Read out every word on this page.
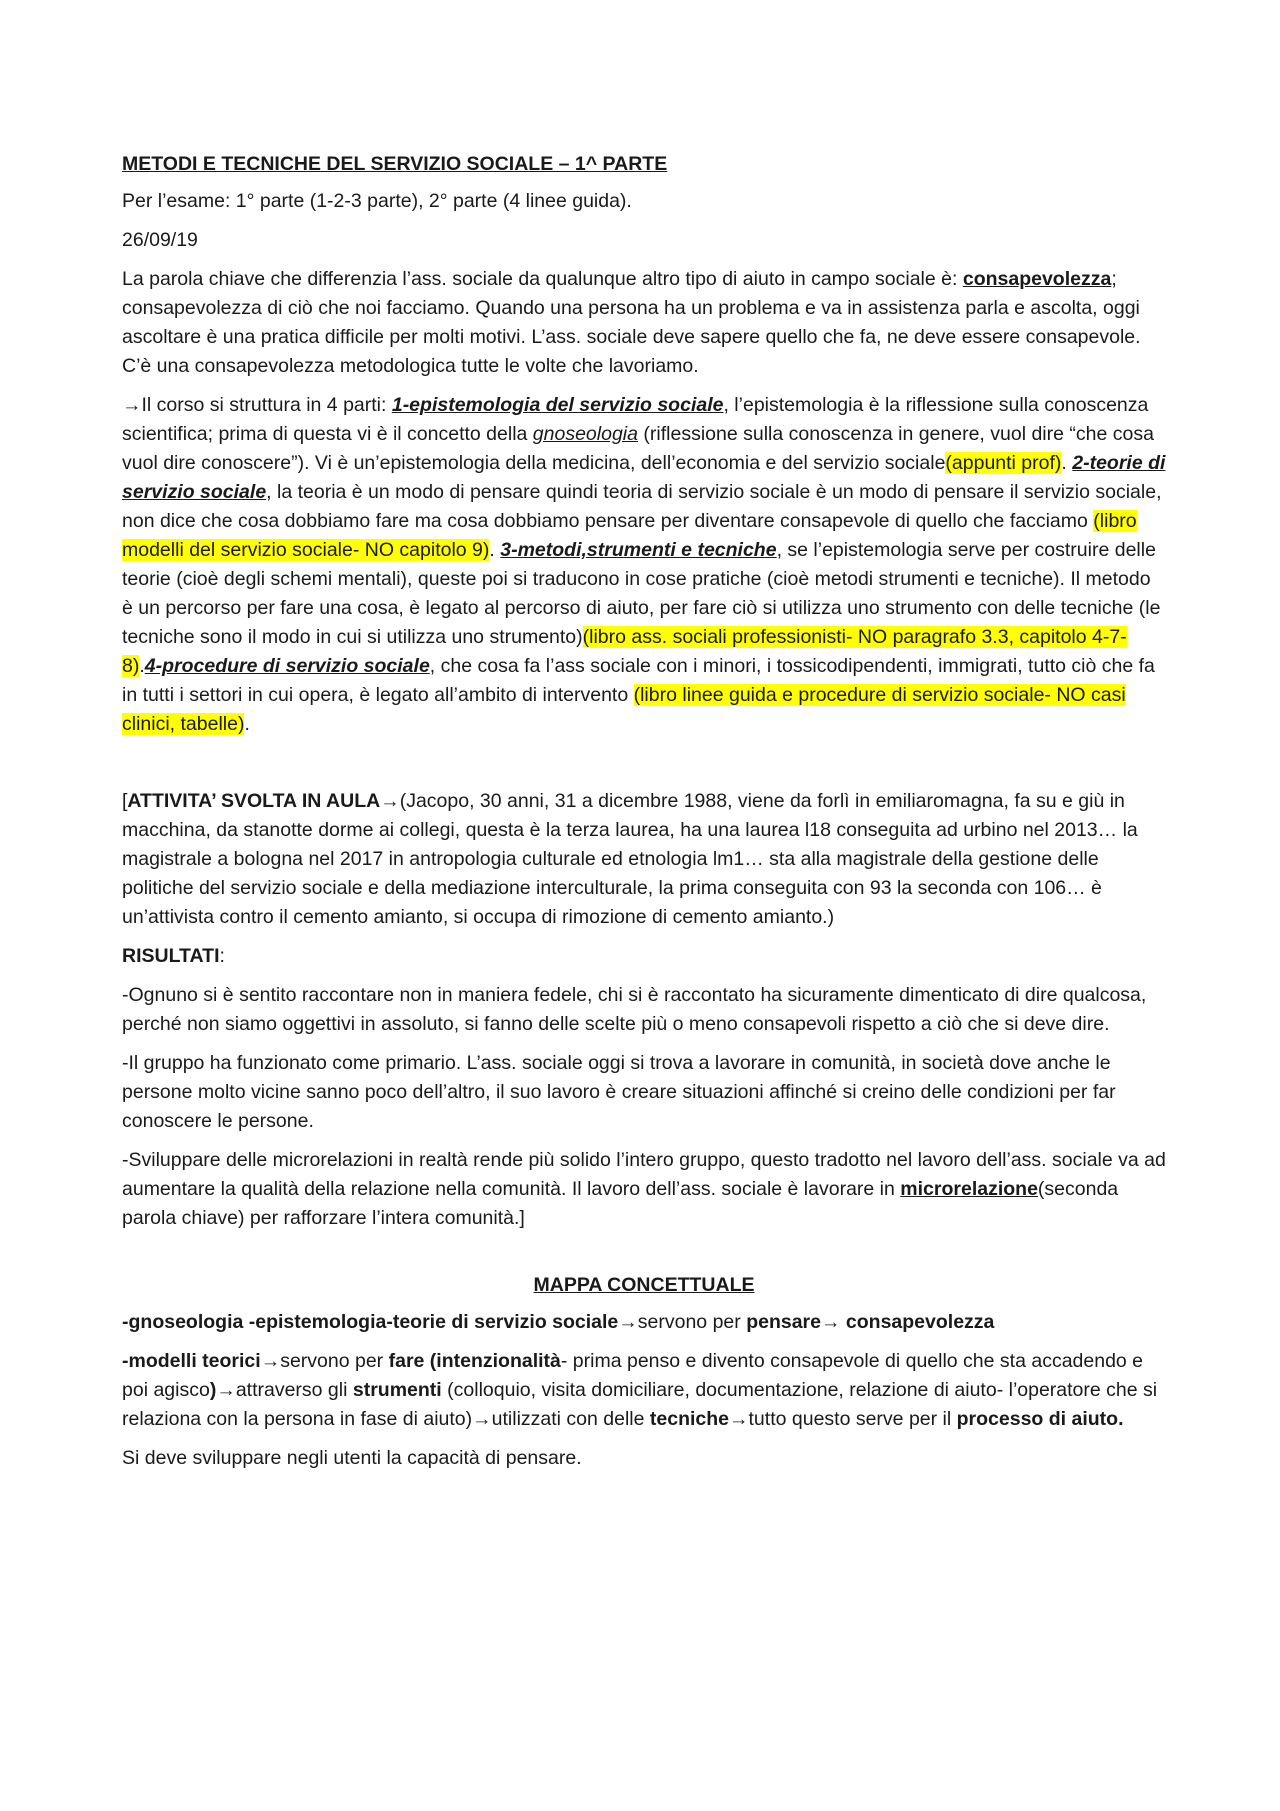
METODI E TECNICHE DEL SERVIZIO SOCIALE – 1^ PARTE

Per l’esame: 1° parte (1-2-3 parte), 2° parte (4 linee guida).

26/09/19

La parola chiave che differenzia l’ass. sociale da qualunque altro tipo di aiuto in campo sociale è: consapevolezza; consapevolezza di ciò che noi facciamo. Quando una persona ha un problema e va in assistenza parla e ascolta, oggi ascoltare è una pratica difficile per molti motivi. L’ass. sociale deve sapere quello che fa, ne deve essere consapevole. C’è una consapevolezza metodologica tutte le volte che lavoriamo.

→Il corso si struttura in 4 parti: 1-epistemologia del servizio sociale, l’epistemologia è la riflessione sulla conoscenza scientifica; prima di questa vi è il concetto della gnoseologia (riflessione sulla conoscenza in genere, vuol dire “che cosa vuol dire conoscere”). Vi è un’epistemologia della medicina, dell’economia e del servizio sociale(appunti prof). 2-teorie di servizio sociale, la teoria è un modo di pensare quindi teoria di servizio sociale è un modo di pensare il servizio sociale, non dice che cosa dobbiamo fare ma cosa dobbiamo pensare per diventare consapevole di quello che facciamo (libro modelli del servizio sociale- NO capitolo 9). 3-metodi,strumenti e tecniche, se l’epistemologia serve per costruire delle teorie (cioè degli schemi mentali), queste poi si traducono in cose pratiche (cioè metodi strumenti e tecniche). Il metodo è un percorso per fare una cosa, è legato al percorso di aiuto, per fare ciò si utilizza uno strumento con delle tecniche (le tecniche sono il modo in cui si utilizza uno strumento)(libro ass. sociali professionisti- NO paragrafo 3.3, capitolo 4-7-8).4-procedure di servizio sociale, che cosa fa l’ass sociale con i minori, i tossicodipendenti, immigrati, tutto ciò che fa in tutti i settori in cui opera, è legato all’ambito di intervento (libro linee guida e procedure di servizio sociale- NO casi clinici, tabelle).

[ATTIVITA’ SVOLTA IN AULA→(Jacopo, 30 anni, 31 a dicembre 1988, viene da forlì in emiliaromagna, fa su e giù in macchina, da stanotte dorme ai collegi, questa è la terza laurea, ha una laurea l18 conseguita ad urbino nel 2013… la magistrale a bologna nel 2017 in antropologia culturale ed etnologia lm1… sta alla magistrale della gestione delle politiche del servizio sociale e della mediazione interculturale, la prima conseguita con 93 la seconda con 106… è un’attivista contro il cemento amianto, si occupa di rimozione di cemento amianto.)

RISULTATI:

-Ognuno si è sentito raccontare non in maniera fedele, chi si è raccontato ha sicuramente dimenticato di dire qualcosa, perché non siamo oggettivi in assoluto, si fanno delle scelte più o meno consapevoli rispetto a ciò che si deve dire.

-Il gruppo ha funzionato come primario. L’ass. sociale oggi si trova a lavorare in comunità, in società dove anche le persone molto vicine sanno poco dell’altro, il suo lavoro è creare situazioni affinché si creino delle condizioni per far conoscere le persone.

-Sviluppare delle microrelazioni in realtà rende più solido l’intero gruppo, questo tradotto nel lavoro dell’ass. sociale va ad aumentare la qualità della relazione nella comunità. Il lavoro dell’ass. sociale è lavorare in microrelazione(seconda parola chiave) per rafforzare l’intera comunità.]

MAPPA CONCETTUALE

-gnoseologia -epistemologia-teorie di servizio sociale→servono per pensare→ consapevolezza

-modelli teorici→servono per fare (intenzionalità- prima penso e divento consapevole di quello che sta accadendo e poi agisco)→attraverso gli strumenti (colloquio, visita domiciliare, documentazione, relazione di aiuto- l’operatore che si relaziona con la persona in fase di aiuto)→utilizzati con delle tecniche→tutto questo serve per il processo di aiuto.

Si deve sviluppare negli utenti la capacità di pensare.
